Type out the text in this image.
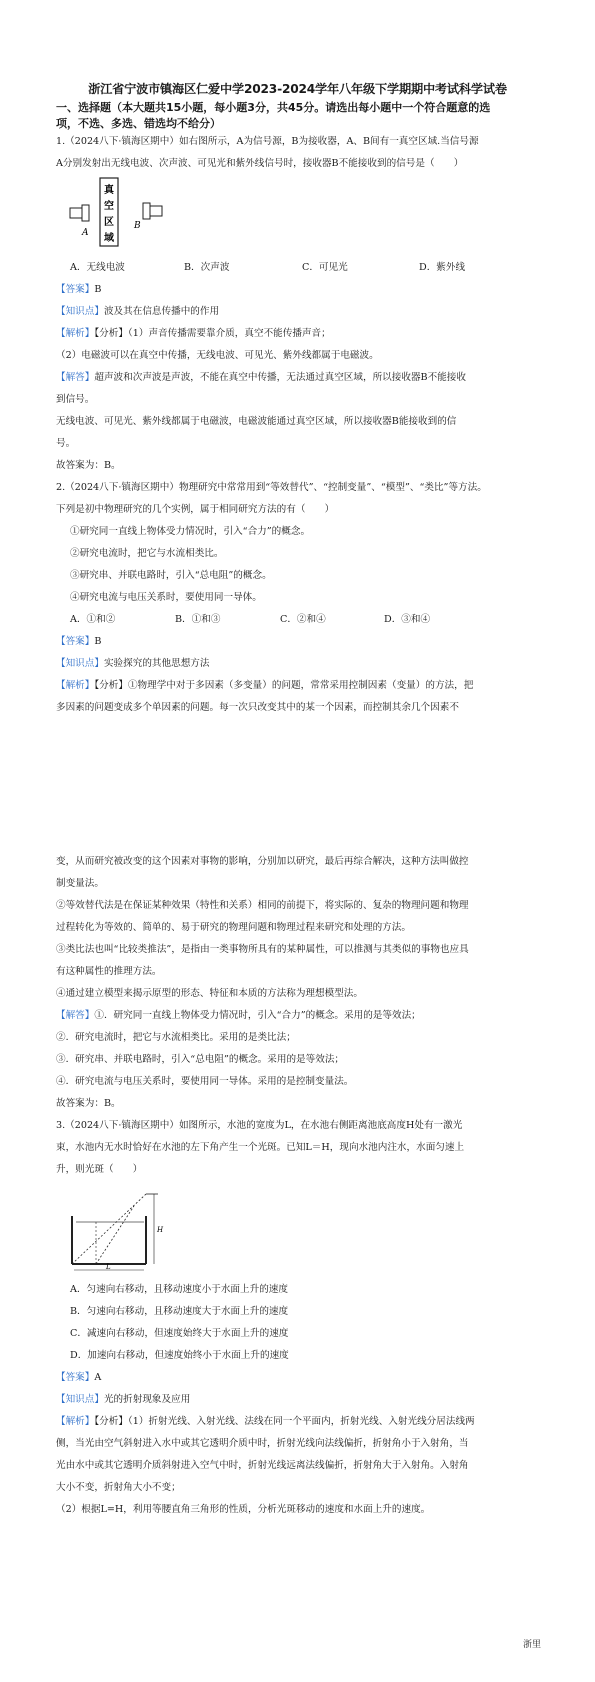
浙江省宁波市镇海区仁爱中学2023-2024学年八年级下学期期中考试科学试卷
一、选择题（本大题共15小题，每小题3分，共45分。请选出每小题中一个符合题意的选
项，不选、多选、错选均不给分）
1.（2024八下·镇海区期中）如右图所示，A为信号源，B为接收器，A、B间有一真空区域.当信号源
A分别发射出无线电波、次声波、可见光和紫外线信号时，接收器B不能接收到的信号是（　　）
真
空
区
域
A
B
A．无线电波	B．次声波	C．可见光	D．紫外线
【答案】B
【知识点】波及其在信息传播中的作用
【解析】【分析】（1）声音传播需要靠介质，真空不能传播声音；
（2）电磁波可以在真空中传播，无线电波、可见光、紫外线都属于电磁波。
【解答】超声波和次声波是声波，不能在真空中传播，无法通过真空区域，所以接收器B不能接收
到信号。
无线电波、可见光、紫外线都属于电磁波，电磁波能通过真空区域，所以接收器B能接收到的信
号。
故答案为：B。
2.（2024八下·镇海区期中）物理研究中常常用到“等效替代”、“控制变量”、“模型”、“类比”等方法。
下列是初中物理研究的几个实例，属于相同研究方法的有（　　）
①研究同一直线上物体受力情况时，引入“合力”的概念。
②研究电流时，把它与水流相类比。
③研究串、并联电路时，引入“总电阻”的概念。
④研究电流与电压关系时，要使用同一导体。
A．①和②	B．①和③	C．②和④	D．③和④
【答案】B
【知识点】实验探究的其他思想方法
【解析】【分析】①物理学中对于多因素（多变量）的问题，常常采用控制因素（变量）的方法，把
多因素的问题变成多个单因素的问题。每一次只改变其中的某一个因素，而控制其余几个因素不
变，从而研究被改变的这个因素对事物的影响，分别加以研究，最后再综合解决，这种方法叫做控
制变量法。
②等效替代法是在保证某种效果（特性和关系）相同的前提下，将实际的、复杂的物理问题和物理
过程转化为等效的、简单的、易于研究的物理问题和物理过程来研究和处理的方法。
③类比法也叫“比较类推法”，是指由一类事物所具有的某种属性，可以推测与其类似的事物也应具
有这种属性的推理方法。
④通过建立模型来揭示原型的形态、特征和本质的方法称为理想模型法。
【解答】①．研究同一直线上物体受力情况时，引入“合力”的概念。采用的是等效法；
②．研究电流时，把它与水流相类比。采用的是类比法；
③．研究串、并联电路时，引入“总电阻”的概念。采用的是等效法；
④．研究电流与电压关系时，要使用同一导体。采用的是控制变量法。
故答案为：B。
3.（2024八下·镇海区期中）如图所示，水池的宽度为L，在水池右侧距离池底高度H处有一激光
束，水池内无水时恰好在水池的左下角产生一个光斑。已知L＝H，现向水池内注水，水面匀速上
升，则光斑（　　）
H
L
A．匀速向右移动，且移动速度小于水面上升的速度
B．匀速向右移动，且移动速度大于水面上升的速度
C．减速向右移动，但速度始终大于水面上升的速度
D．加速向右移动，但速度始终小于水面上升的速度
【答案】A
【知识点】光的折射现象及应用
【解析】【分析】（1）折射光线、入射光线、法线在同一个平面内，折射光线、入射光线分居法线两
侧，当光由空气斜射进入水中或其它透明介质中时，折射光线向法线偏折，折射角小于入射角，当
光由水中或其它透明介质斜射进入空气中时，折射光线远离法线偏折，折射角大于入射角。入射角
大小不变，折射角大小不变；
（2）根据L=H，利用等腰直角三角形的性质，分析光斑移动的速度和水面上升的速度。
浙里
